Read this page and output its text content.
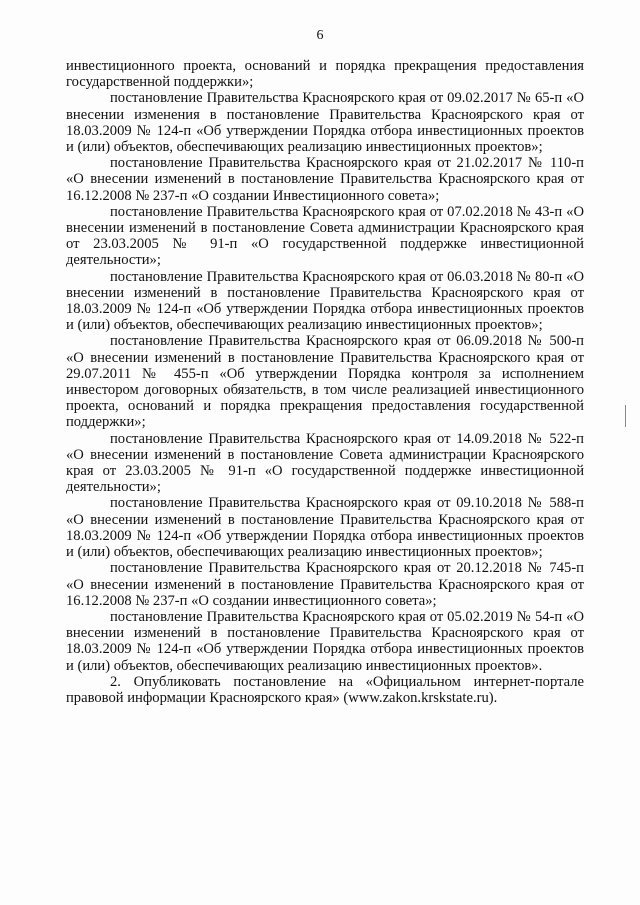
6

инвестиционного проекта, оснований и порядка прекращения предоставления государственной поддержки»;

постановление Правительства Красноярского края от 09.02.2017 № 65-п «О внесении изменения в постановление Правительства Красноярского края от 18.03.2009 № 124-п «Об утверждении Порядка отбора инвестиционных проектов и (или) объектов, обеспечивающих реализацию инвестиционных проектов»;

постановление Правительства Красноярского края от 21.02.2017 № 110-п «О внесении изменений в постановление Правительства Красноярского края от 16.12.2008 № 237-п «О создании Инвестиционного совета»;

постановление Правительства Красноярского края от 07.02.2018 № 43-п «О внесении изменений в постановление Совета администрации Красноярского края от 23.03.2005 № 91-п «О государственной поддержке инвестиционной деятельности»;

постановление Правительства Красноярского края от 06.03.2018 № 80-п «О внесении изменений в постановление Правительства Красноярского края от 18.03.2009 № 124-п «Об утверждении Порядка отбора инвестиционных проектов и (или) объектов, обеспечивающих реализацию инвестиционных проектов»;

постановление Правительства Красноярского края от 06.09.2018 № 500-п «О внесении изменений в постановление Правительства Красноярского края от 29.07.2011 № 455-п «Об утверждении Порядка контроля за исполнением инвестором договорных обязательств, в том числе реализацией инвестиционного проекта, оснований и порядка прекращения предоставления государственной поддержки»;

постановление Правительства Красноярского края от 14.09.2018 № 522-п «О внесении изменений в постановление Совета администрации Красноярского края от 23.03.2005 № 91-п «О государственной поддержке инвестиционной деятельности»;

постановление Правительства Красноярского края от 09.10.2018 № 588-п «О внесении изменений в постановление Правительства Красноярского края от 18.03.2009 № 124-п «Об утверждении Порядка отбора инвестиционных проектов и (или) объектов, обеспечивающих реализацию инвестиционных проектов»;

постановление Правительства Красноярского края от 20.12.2018 № 745-п «О внесении изменений в постановление Правительства Красноярского края от 16.12.2008 № 237-п «О создании инвестиционного совета»;

постановление Правительства Красноярского края от 05.02.2019 № 54-п «О внесении изменений в постановление Правительства Красноярского края от 18.03.2009 № 124-п «Об утверждении Порядка отбора инвестиционных проектов и (или) объектов, обеспечивающих реализацию инвестиционных проектов».

2. Опубликовать постановление на «Официальном интернет-портале правовой информации Красноярского края» (www.zakon.krskstate.ru).
